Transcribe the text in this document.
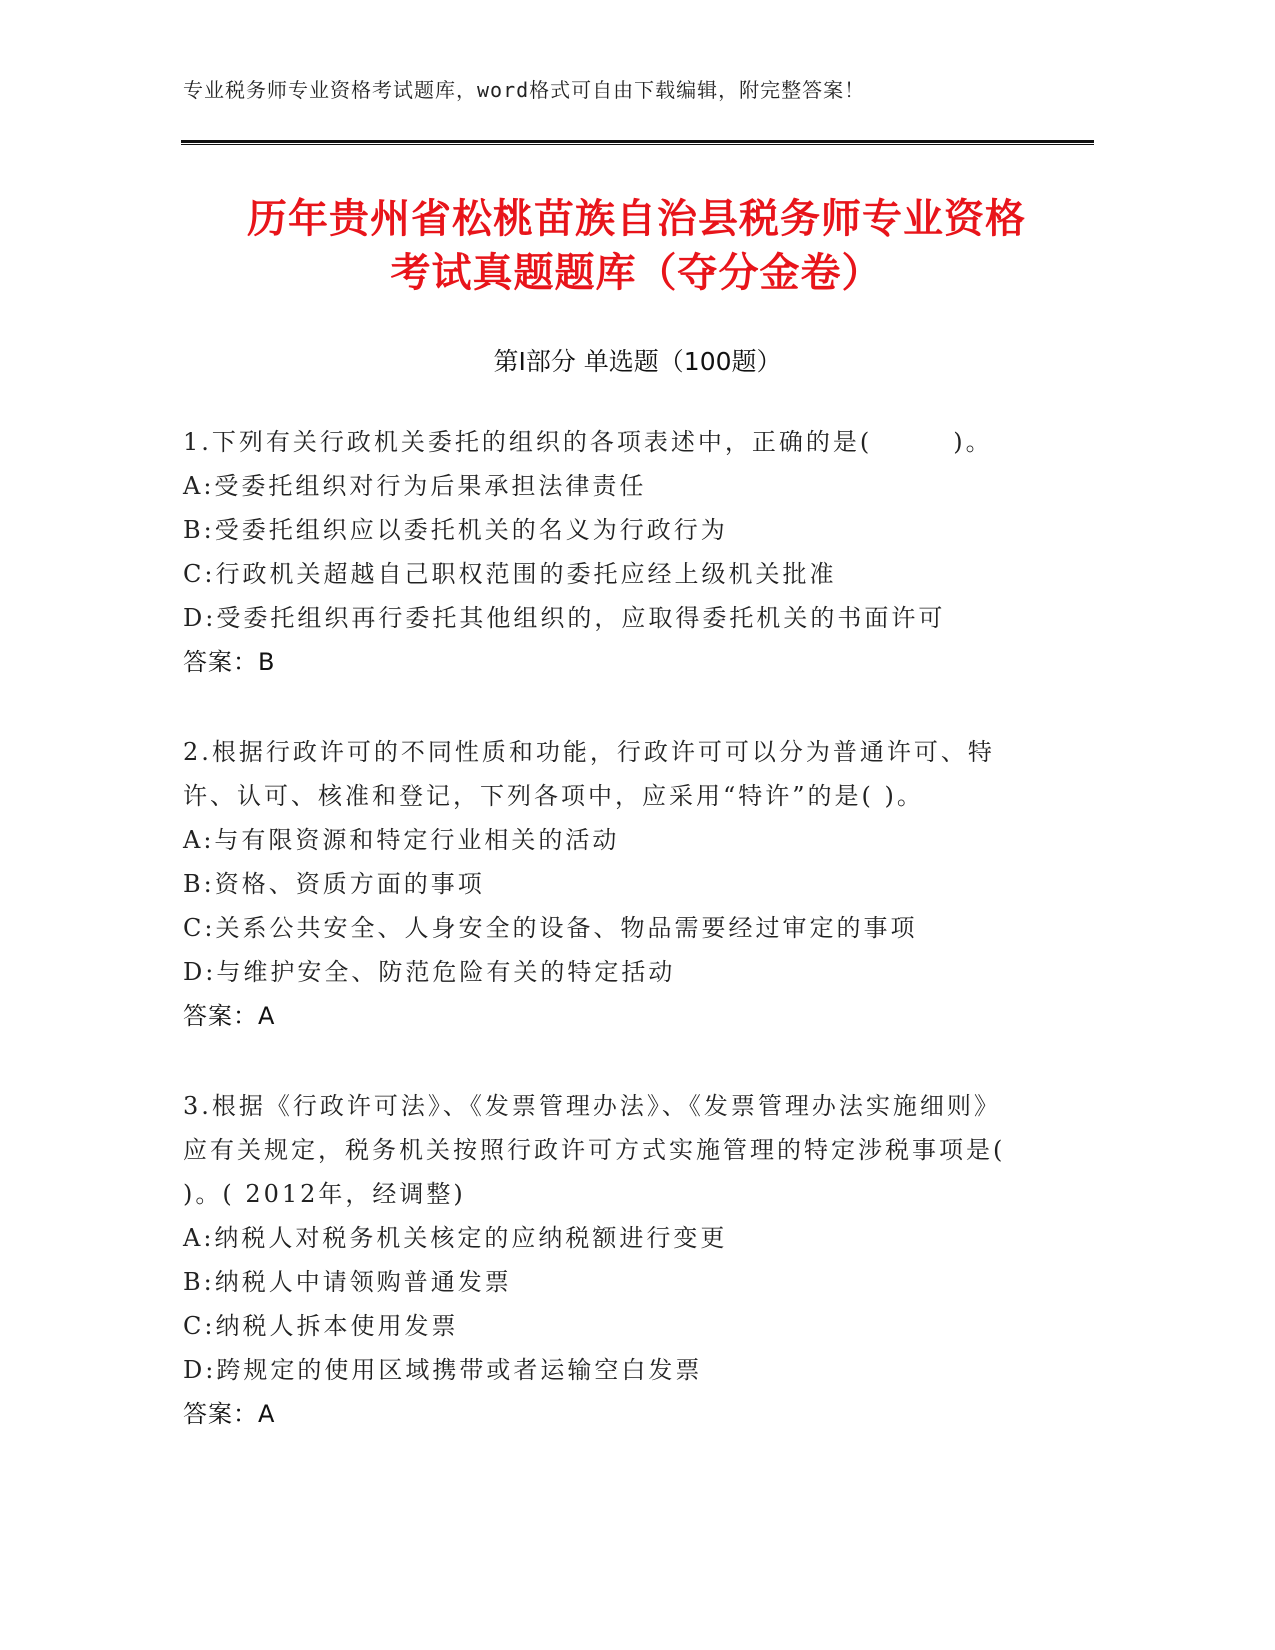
专业税务师专业资格考试题库，word格式可自由下载编辑，附完整答案！
历年贵州省松桃苗族自治县税务师专业资格
考试真题题库（夺分金卷）
第Ⅰ部分 单选题（100题）

1.下列有关行政机关委托的组织的各项表述中，正确的是(　　　)。

A:受委托组织对行为后果承担法律责任

B:受委托组织应以委托机关的名义为行政行为

C:行政机关超越自己职权范围的委托应经上级机关批准

D:受委托组织再行委托其他组织的，应取得委托机关的书面许可

答案：B

2.根据行政许可的不同性质和功能，行政许可可以分为普通许可、特许、认可、核准和登记，下列各项中，应采用“特许”的是( )。

A:与有限资源和特定行业相关的活动

B:资格、资质方面的事项

C:关系公共安全、人身安全的设备、物品需要经过审定的事项

D:与维护安全、防范危险有关的特定括动

答案：A

3.根据《行政许可法》、《发票管理办法》、《发票管理办法实施细则》应有关规定，税务机关按照行政许可方式实施管理的特定涉税事项是( )。( 2012年，经调整)

A:纳税人对税务机关核定的应纳税额进行变更

B:纳税人中请领购普通发票

C:纳税人拆本使用发票

D:跨规定的使用区域携带或者运输空白发票

答案：A
